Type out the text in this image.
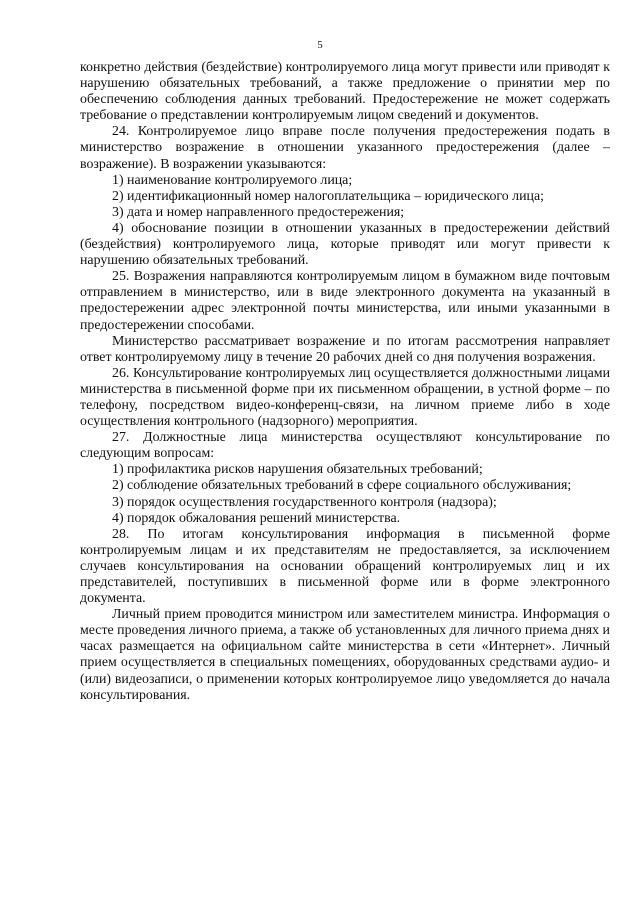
5

конкретно действия (бездействие) контролируемого лица могут привести или приводят к нарушению обязательных требований, а также предложение о принятии мер по обеспечению соблюдения данных требований. Предостережение не может содержать требование о представлении контролируемым лицом сведений и документов.

24. Контролируемое лицо вправе после получения предостережения подать в министерство возражение в отношении указанного предостережения (далее – возражение). В возражении указываются:

1) наименование контролируемого лица;

2) идентификационный номер налогоплательщика – юридического лица;

3) дата и номер направленного предостережения;

4) обоснование позиции в отношении указанных в предостережении действий (бездействия) контролируемого лица, которые приводят или могут привести к нарушению обязательных требований.

25. Возражения направляются контролируемым лицом в бумажном виде почтовым отправлением в министерство, или в виде электронного документа на указанный в предостережении адрес электронной почты министерства, или иными указанными в предостережении способами.

Министерство рассматривает возражение и по итогам рассмотрения направляет ответ контролируемому лицу в течение 20 рабочих дней со дня получения возражения.

26. Консультирование контролируемых лиц осуществляется должностными лицами министерства в письменной форме при их письменном обращении, в устной форме – по телефону, посредством видео-конференц-связи, на личном приеме либо в ходе осуществления контрольного (надзорного) мероприятия.

27. Должностные лица министерства осуществляют консультирование по следующим вопросам:

1) профилактика рисков нарушения обязательных требований;

2) соблюдение обязательных требований в сфере социального обслуживания;

3) порядок осуществления государственного контроля (надзора);

4) порядок обжалования решений министерства.

28. По итогам консультирования информация в письменной форме контролируемым лицам и их представителям не предоставляется, за исключением случаев консультирования на основании обращений контролируемых лиц и их представителей, поступивших в письменной форме или в форме электронного документа.

Личный прием проводится министром или заместителем министра. Информация о месте проведения личного приема, а также об установленных для личного приема днях и часах размещается на официальном сайте министерства в сети «Интернет». Личный прием осуществляется в специальных помещениях, оборудованных средствами аудио- и (или) видеозаписи, о применении которых контролируемое лицо уведомляется до начала консультирования.
